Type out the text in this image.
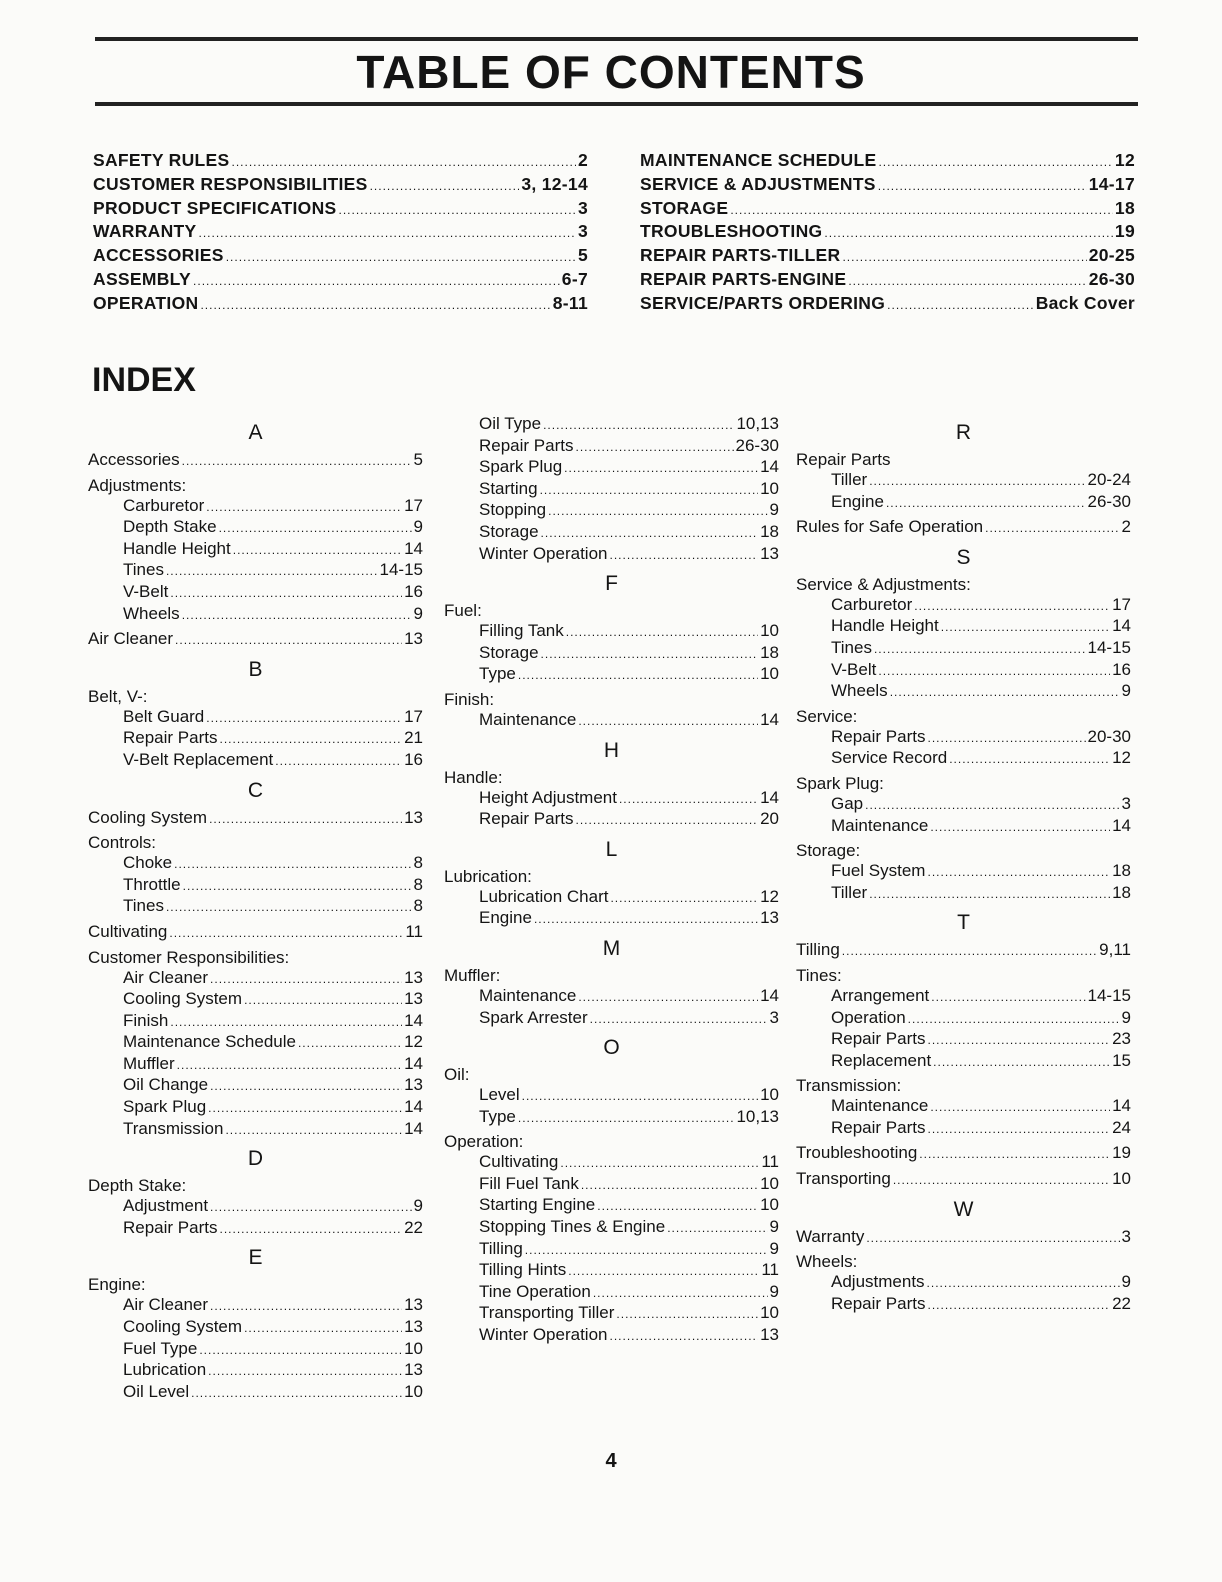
TABLE OF CONTENTS
SAFETY RULES .....	2
CUSTOMER RESPONSIBILITIES .....	3, 12-14
PRODUCT SPECIFICATIONS .....	3
WARRANTY .....	3
ACCESSORIES .....	5
ASSEMBLY .....	6-7
OPERATION .....	8-11
MAINTENANCE SCHEDULE .....	12
SERVICE & ADJUSTMENTS .....	14-17
STORAGE .....	18
TROUBLESHOOTING .....	19
REPAIR PARTS-TILLER .....	20-25
REPAIR PARTS-ENGINE .....	26-30
SERVICE/PARTS ORDERING .....	Back Cover
INDEX
A
Accessories .....	5
Adjustments:
Carburetor .....	17
Depth Stake .....	9
Handle Height .....	14
Tines .....	14-15
V-Belt .....	16
Wheels .....	9
Air Cleaner .....	13
B
Belt, V-:
Belt Guard .....	17
Repair Parts .....	21
V-Belt Replacement .....	16
C
Cooling System .....	13
Controls:
Choke .....	8
Throttle .....	8
Tines .....	8
Cultivating .....	11
Customer Responsibilities:
Air Cleaner .....	13
Cooling System .....	13
Finish .....	14
Maintenance Schedule .....	12
Muffler .....	14
Oil Change .....	13
Spark Plug .....	14
Transmission .....	14
D
Depth Stake:
Adjustment .....	9
Repair Parts .....	22
E
Engine:
Air Cleaner .....	13
Cooling System .....	13
Fuel Type .....	10
Lubrication .....	13
Oil Level .....	10
Oil Type .....	10,13
Repair Parts .....	26-30
Spark Plug .....	14
Starting .....	10
Stopping .....	9
Storage .....	18
Winter Operation .....	13
F
Fuel:
Filling Tank .....	10
Storage .....	18
Type .....	10
Finish:
Maintenance .....	14
H
Handle:
Height Adjustment .....	14
Repair Parts .....	20
L
Lubrication:
Lubrication Chart .....	12
Engine .....	13
M
Muffler:
Maintenance .....	14
Spark Arrester .....	3
O
Oil:
Level .....	10
Type .....	10,13
Operation:
Cultivating .....	11
Fill Fuel Tank .....	10
Starting Engine .....	10
Stopping Tines & Engine .....	9
Tilling .....	9
Tilling Hints .....	11
Tine Operation .....	9
Transporting Tiller .....	10
Winter Operation .....	13
R
Repair Parts
Tiller .....	20-24
Engine .....	26-30
Rules for Safe Operation .....	2
S
Service & Adjustments:
Carburetor .....	17
Handle Height .....	14
Tines .....	14-15
V-Belt .....	16
Wheels .....	9
Service:
Repair Parts .....	20-30
Service Record .....	12
Spark Plug:
Gap .....	3
Maintenance .....	14
Storage:
Fuel System .....	18
Tiller .....	18
T
Tilling .....	9,11
Tines:
Arrangement .....	14-15
Operation .....	9
Repair Parts .....	23
Replacement .....	15
Transmission:
Maintenance .....	14
Repair Parts .....	24
Troubleshooting .....	19
Transporting .....	10
W
Warranty .....	3
Wheels:
Adjustments .....	9
Repair Parts .....	22
4
